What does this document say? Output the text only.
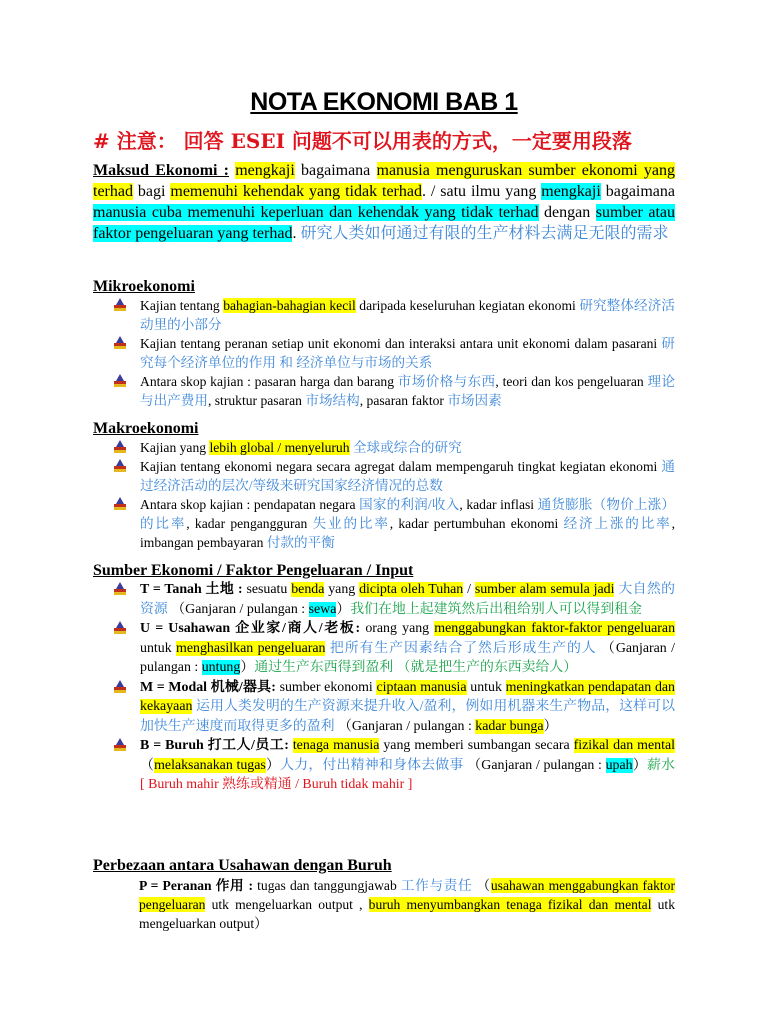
NOTA EKONOMI BAB 1
# 注意： 回答 ESEI 问题不可以用表的方式，一定要用段落
Maksud Ekonomi : mengkaji bagaimana manusia menguruskan sumber ekonomi yang terhad bagi memenuhi kehendak yang tidak terhad. / satu ilmu yang mengkaji bagaimana manusia cuba memenuhi keperluan dan kehendak yang tidak terhad dengan sumber atau faktor pengeluaran yang terhad. 研究人类如何通过有限的生产材料去满足无限的需求
Mikroekonomi
Kajian tentang bahagian-bahagian kecil daripada keseluruhan kegiatan ekonomi 研究整体经济活动里的小部分
Kajian tentang peranan setiap unit ekonomi dan interaksi antara unit ekonomi dalam pasarani 研究每个经济单位的作用 和 经济单位与市场的关系
Antara skop kajian : pasaran harga dan barang 市场价格与东西, teori dan kos pengeluaran 理论与出产费用, struktur pasaran 市场结构, pasaran faktor 市场因素
Makroekonomi
Kajian yang lebih global / menyeluruh 全球或综合的研究
Kajian tentang ekonomi negara secara agregat dalam mempengaruh tingkat kegiatan ekonomi 通过经济活动的层次/等级来研究国家经济情况的总数
Antara skop kajian : pendapatan negara 国家的利润/收入, kadar inflasi 通货膨胀（物价上涨）的比率, kadar pengangguran 失业的比率, kadar pertumbuhan ekonomi 经济上涨的比率, imbangan pembayaran 付款的平衡
Sumber Ekonomi / Faktor Pengeluaran / Input
T = Tanah 土地 : sesuatu benda yang dicipta oleh Tuhan / sumber alam semula jadi 大自然的资源 （Ganjaran / pulangan : sewa）我们在地上起建筑然后出租给别人可以得到租金
U = Usahawan 企业家/商人/老板: orang yang menggabungkan faktor-faktor pengeluaran untuk menghasilkan pengeluaran 把所有生产因素结合了然后形成生产的人 （Ganjaran / pulangan : untung）通过生产东西得到盈利 （就是把生产的东西卖给人）
M = Modal 机械/器具: sumber ekonomi ciptaan manusia untuk meningkatkan pendapatan dan kekayaan 运用人类发明的生产资源来提升收入/盈利，例如用机器来生产物品，这样可以加快生产速度而取得更多的盈利 （Ganjaran / pulangan : kadar bunga）
B = Buruh 打工人/员工: tenaga manusia yang memberi sumbangan secara fizikal dan mental （melaksanakan tugas）人力，付出精神和身体去做事 （Ganjaran / pulangan : upah）薪水 [ Buruh mahir 熟练或精通 / Buruh tidak mahir ]
Perbezaan antara Usahawan dengan Buruh
P = Peranan 作用 : tugas dan tanggungjawab 工作与责任 （usahawan menggabungkan faktor pengeluaran utk mengeluarkan output , buruh menyumbangkan tenaga fizikal dan mental utk mengeluarkan output）
